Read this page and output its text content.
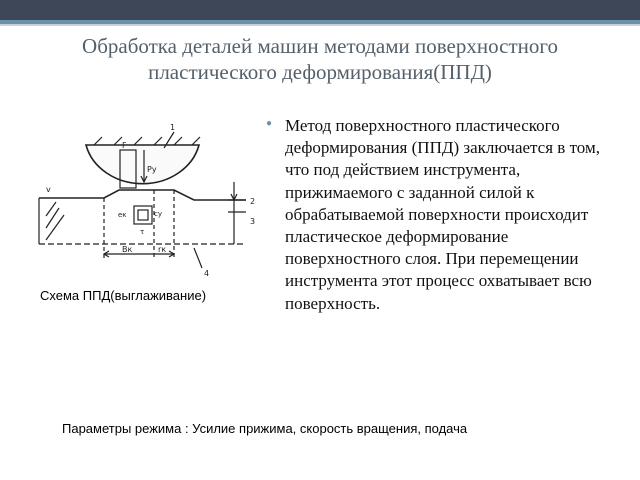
Обработка деталей машин методами поверхностного пластического деформирования(ППД)
1
2
3
4
v
F
Py
Bк
eк
rк
cy
τ
Схема ППД(выглаживание)
● Метод поверхностного пластического деформирования (ППД) заключается в том, что под действием инструмента, прижимаемого с заданной силой к обрабатываемой поверхности происходит пластическое деформирование поверхностного слоя. При перемещении инструмента этот процесс охватывает всю поверхность.
Параметры режима : Усилие прижима, скорость вращения, подача
